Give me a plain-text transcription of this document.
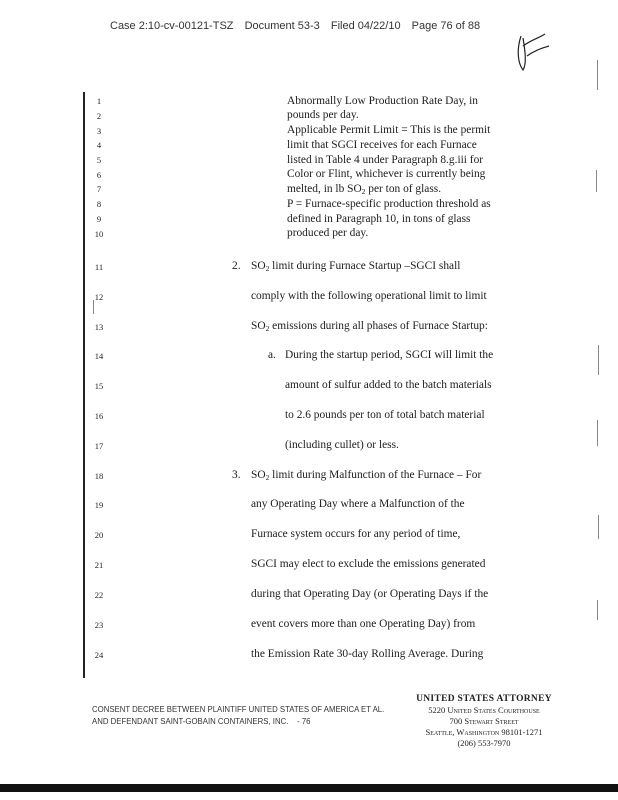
Case 2:10-cv-00121-TSZ Document 53-3 Filed 04/22/10 Page 76 of 88
1
2
3
4
5
6
7
8
9
10
11
12
13
14
15
16
17
18
19
20
21
22
23
24
Abnormally Low Production Rate Day, in
pounds per day.
Applicable Permit Limit = This is the permit
limit that SGCI receives for each Furnace
listed in Table 4 under Paragraph 8.g.iii for
Color or Flint, whichever is currently being
melted, in lb $SO_2$ per ton of glass.
P = Furnace-specific production threshold as
defined in Paragraph 10, in tons of glass
produced per day.
2. $SO_2$ limit during Furnace Startup –SGCI shall
comply with the following operational limit to limit
$SO_2$ emissions during all phases of Furnace Startup:
a. During the startup period, SGCI will limit the
amount of sulfur added to the batch materials
to 2.6 pounds per ton of total batch material
(including cullet) or less.
3. $SO_2$ limit during Malfunction of the Furnace – For
any Operating Day where a Malfunction of the
Furnace system occurs for any period of time,
SGCI may elect to exclude the emissions generated
during that Operating Day (or Operating Days if the
event covers more than one Operating Day) from
the Emission Rate 30-day Rolling Average. During
CONSENT DECREE BETWEEN PLAINTIFF UNITED STATES OF AMERICA ET AL.
AND DEFENDANT SAINT-GOBAIN CONTAINERS, INC. - 76
UNITED STATES ATTORNEY
5220 United States Courthouse
700 Stewart Street
Seattle, Washington 98101-1271
(206) 553-7970
